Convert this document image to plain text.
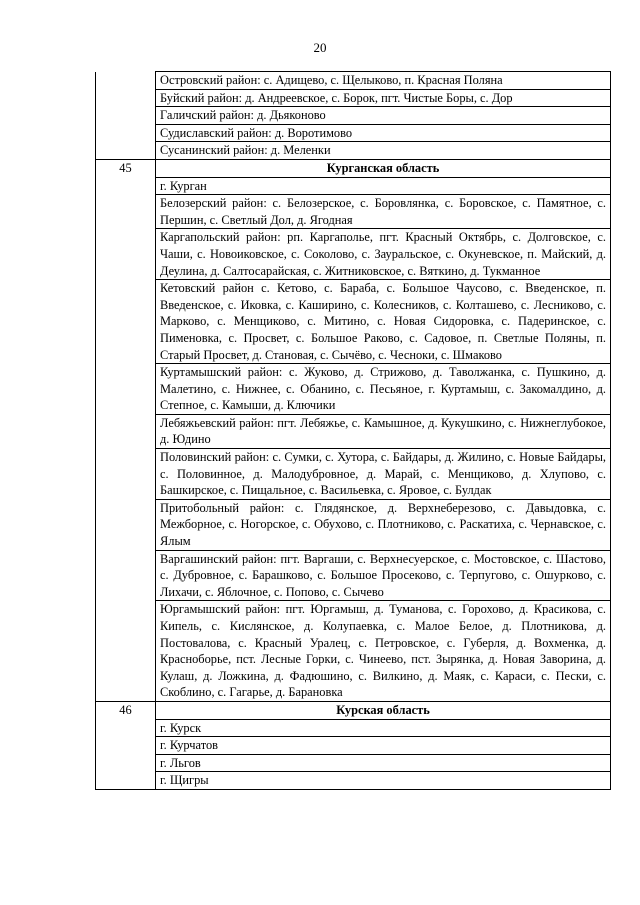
20
	Островский район: с. Адищево, с. Щелыково, п. Красная Поляна
	Буйский район: д. Андреевское, с. Борок, пгт. Чистые Боры, с. Дор
	Галичский район: д. Дьяконово
	Судиславский район: д. Воротимово
	Сусанинский район: д. Меленки
45	Курганская область
	г. Курган
	Белозерский район: с. Белозерское, с. Боровлянка, с. Боровское, с. Памятное, с. Першин, с. Светлый Дол, д. Ягодная
	Каргапольский район: рп. Каргаполье, пгт. Красный Октябрь, с. Долговское, с. Чаши, с. Новоиковское, с. Соколово, с. Зауральское, с. Окуневское, п. Майский, д. Деулина, д. Салтосарайская, с. Житниковское, с. Вяткино, д. Тукманное
	Кетовский район с. Кетово, с. Бараба, с. Большое Чаусово, с. Введенское, п. Введенское, с. Иковка, с. Каширино, с. Колесников, с. Колташево, с. Лесниково, с. Марково, с. Менщиково, с. Митино, с. Новая Сидоровка, с. Падеринское, с. Пименовка, с. Просвет, с. Большое Раково, с. Садовое, п. Светлые Поляны, п. Старый Просвет, д. Становая, с. Сычёво, с. Чесноки, с. Шмаково
	Куртамышский район: с. Жуково, д. Стрижово, д. Таволжанка, с. Пушкино, д. Малетино, с. Нижнее, с. Обанино, с. Песьяное, г. Куртамыш, с. Закомалдино, д. Степное, с. Камыши, д. Ключики
	Лебяжьевский район: пгт. Лебяжье, с. Камышное, д. Кукушкино, с. Нижнеглубокое, д. Юдино
	Половинский район: с. Сумки, с. Хутора, с. Байдары, д. Жилино, с. Новые Байдары, с. Половинное, д. Малодубровное, д. Марай, с. Менщиково, д. Хлупово, с. Башкирское, с. Пищальное, с. Васильевка, с. Яровое, с. Булдак
	Притобольный район: с. Глядянское, д. Верхнеберезово, с. Давыдовка, с. Межборное, с. Ногорское, с. Обухово, с. Плотниково, с. Раскатиха, с. Чернавское, с. Ялым
	Варгашинский район: пгт. Варгаши, с. Верхнесуерское, с. Мостовское, с. Шастово, с. Дубровное, с. Барашково, с. Большое Просеково, с. Терпугово, с. Ошурково, с. Лихачи, с. Яблочное, с. Попово, с. Сычево
	Юргамышский район: пгт. Юргамыш, д. Туманова, с. Горохово, д. Красикова, с. Кипель, с. Кислянское, д. Колупаевка, с. Малое Белое, д. Плотникова, д. Постовалова, с. Красный Уралец, с. Петровское, с. Губерля, д. Вохменка, д. Красноборье, пст. Лесные Горки, с. Чинеево, пст. Зырянка, д. Новая Заворина, д. Кулаш, д. Ложкина, д. Фадюшино, с. Вилкино, д. Маяк, с. Караси, с. Пески, с. Скоблино, с. Гагарье, д. Барановка
46	Курская область
	г. Курск
	г. Курчатов
	г. Льгов
	г. Щигры
